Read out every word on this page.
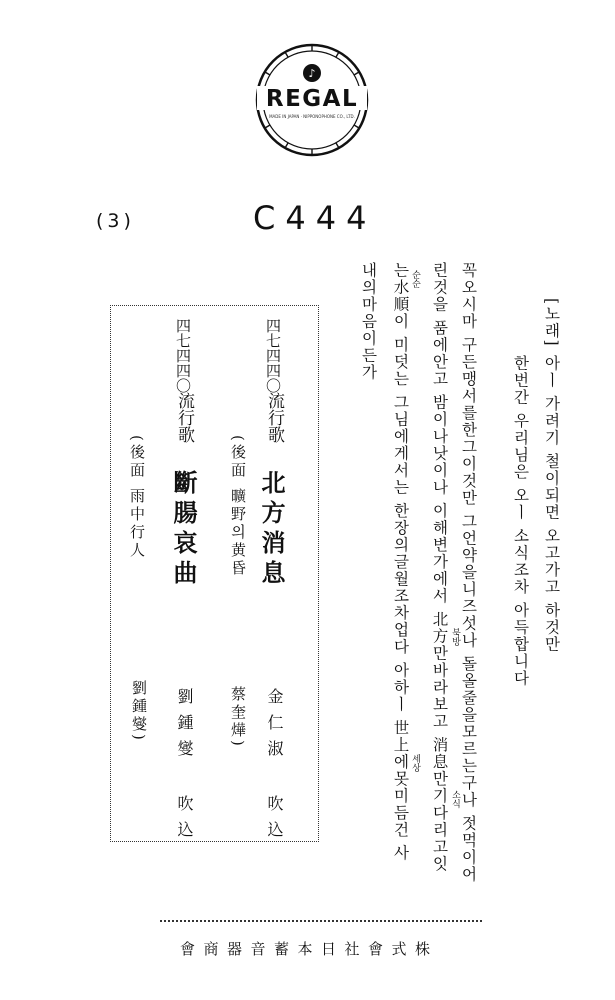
♪
REGAL
MADE IN JAPAN · NIPPONOPHONE CO., LTD.
(3)	C444
[노래]
아ㅣ 가려기 철이되면 오고가고 하것만
한번간 우리님은 오ㅣ 소식조차 아득합니다
꼭오시마 구든맹서를한그이것만 그언약을니즈섯나 돌올줄을모르는구나 젓먹이어
린것을 품에안고 밤이나낫이나 이해변가에서 北方만바라보고 消息만기다리고잇
는水順이 미덧는 그님에게서는 한장의글월조차업다 아하ㅣ 世上에못미듬건 사
내의마음이든가	순순
북방
소식
세상
四七四四〇
流行歌
北方消息
金仁淑
吹込
(後面 曠野의黄昏
蔡奎燁)
四七四四〇
流行歌
斷腸哀曲
劉鍾燮
吹込
(後面 雨中行人
劉鍾燮)
會商器音蓄本日社會式株
